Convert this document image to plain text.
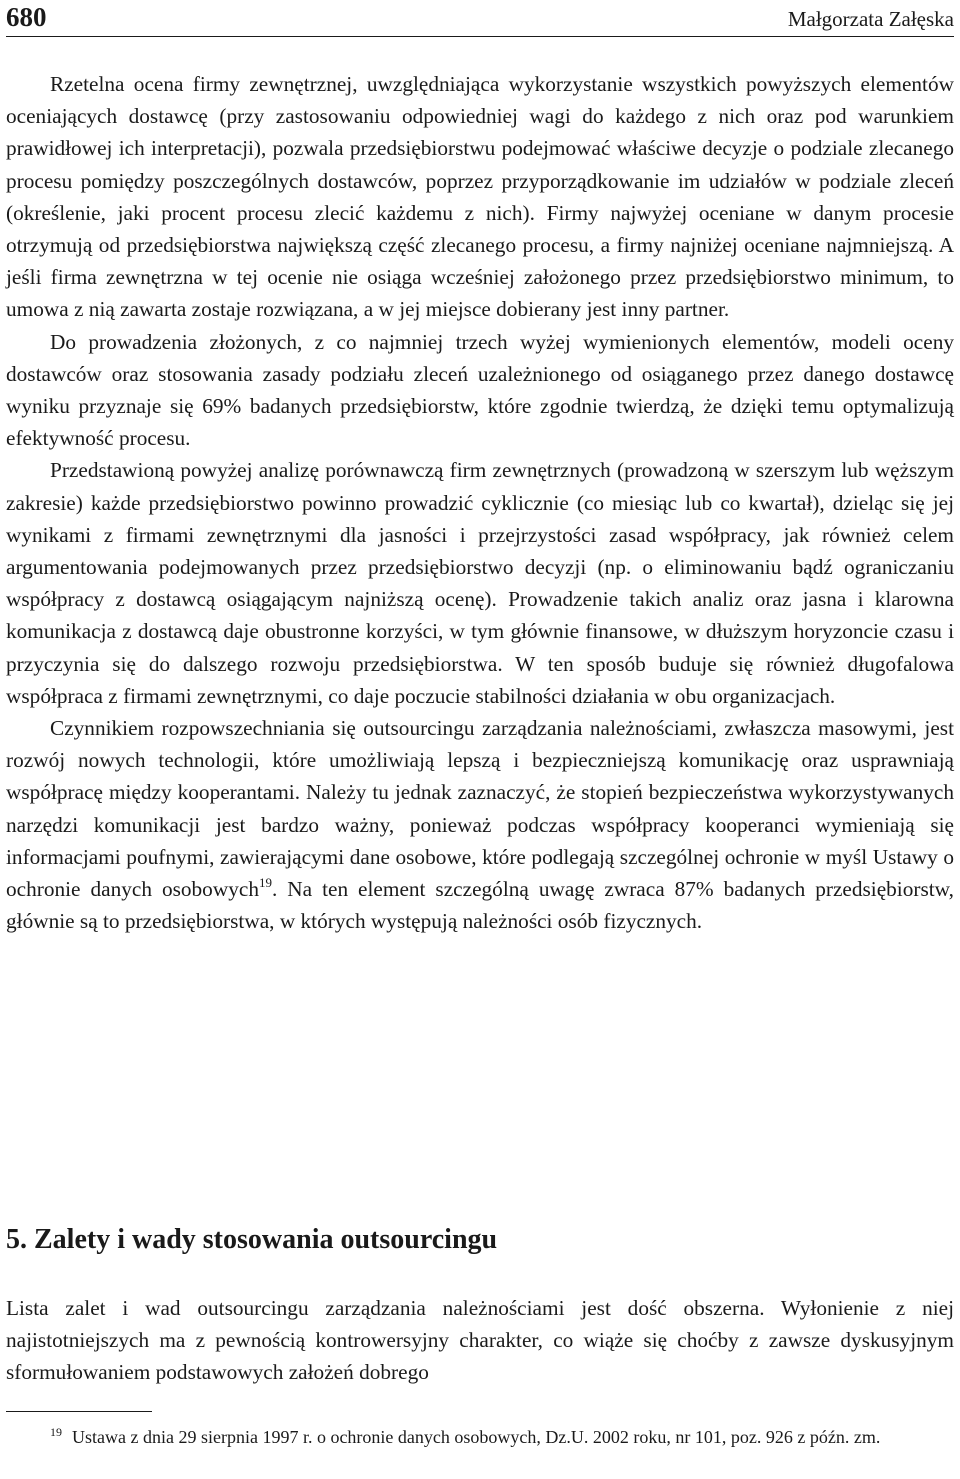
680	Małgorzata Załęska

Rzetelna ocena firmy zewnętrznej, uwzględniająca wykorzystanie wszystkich powyższych elementów oceniających dostawcę (przy zastosowaniu odpowiedniej wagi do każdego z nich oraz pod warunkiem prawidłowej ich interpretacji), pozwala przedsiębiorstwu podejmować właściwe decyzje o podziale zlecanego procesu pomiędzy poszczególnych dostawców, poprzez przyporządkowanie im udziałów w podziale zleceń (określenie, jaki procent procesu zlecić każdemu z nich). Firmy najwyżej oceniane w danym procesie otrzymują od przedsiębiorstwa największą część zlecanego procesu, a firmy najniżej oceniane najmniejszą. A jeśli firma zewnętrzna w tej ocenie nie osiąga wcześniej założonego przez przedsiębiorstwo minimum, to umowa z nią zawarta zostaje rozwiązana, a w jej miejsce dobierany jest inny partner.

Do prowadzenia złożonych, z co najmniej trzech wyżej wymienionych elementów, modeli oceny dostawców oraz stosowania zasady podziału zleceń uzależnionego od osiąganego przez danego dostawcę wyniku przyznaje się 69% badanych przedsiębiorstw, które zgodnie twierdzą, że dzięki temu optymalizują efektywność procesu.

Przedstawioną powyżej analizę porównawczą firm zewnętrznych (prowadzoną w szerszym lub węższym zakresie) każde przedsiębiorstwo powinno prowadzić cyklicznie (co miesiąc lub co kwartał), dzieląc się jej wynikami z firmami zewnętrznymi dla jasności i przejrzystości zasad współpracy, jak również celem argumentowania podejmowanych przez przedsiębiorstwo decyzji (np. o eliminowaniu bądź ograniczaniu współpracy z dostawcą osiągającym najniższą ocenę). Prowadzenie takich analiz oraz jasna i klarowna komunikacja z dostawcą daje obustronne korzyści, w tym głównie finansowe, w dłuższym horyzoncie czasu i przyczynia się do dalszego rozwoju przedsiębiorstwa. W ten sposób buduje się również długofalowa współpraca z firmami zewnętrznymi, co daje poczucie stabilności działania w obu organizacjach.

Czynnikiem rozpowszechniania się outsourcingu zarządzania należnościami, zwłaszcza masowymi, jest rozwój nowych technologii, które umożliwiają lepszą i bezpieczniejszą komunikację oraz usprawniają współpracę między kooperantami. Należy tu jednak zaznaczyć, że stopień bezpieczeństwa wykorzystywanych narzędzi komunikacji jest bardzo ważny, ponieważ podczas współpracy kooperanci wymieniają się informacjami poufnymi, zawierającymi dane osobowe, które podlegają szczególnej ochronie w myśl Ustawy o ochronie danych osobowych$^{19}$. Na ten element szczególną uwagę zwraca 87% badanych przedsiębiorstw, głównie są to przedsiębiorstwa, w których występują należności osób fizycznych.

5. Zalety i wady stosowania outsourcingu

Lista zalet i wad outsourcingu zarządzania należnościami jest dość obszerna. Wyłonienie z niej najistotniejszych ma z pewnością kontrowersyjny charakter, co wiąże się choćby z zawsze dyskusyjnym sformułowaniem podstawowych założeń dobrego

$^{19}$ Ustawa z dnia 29 sierpnia 1997 r. o ochronie danych osobowych, Dz.U. 2002 roku, nr 101, poz. 926 z późn. zm.
